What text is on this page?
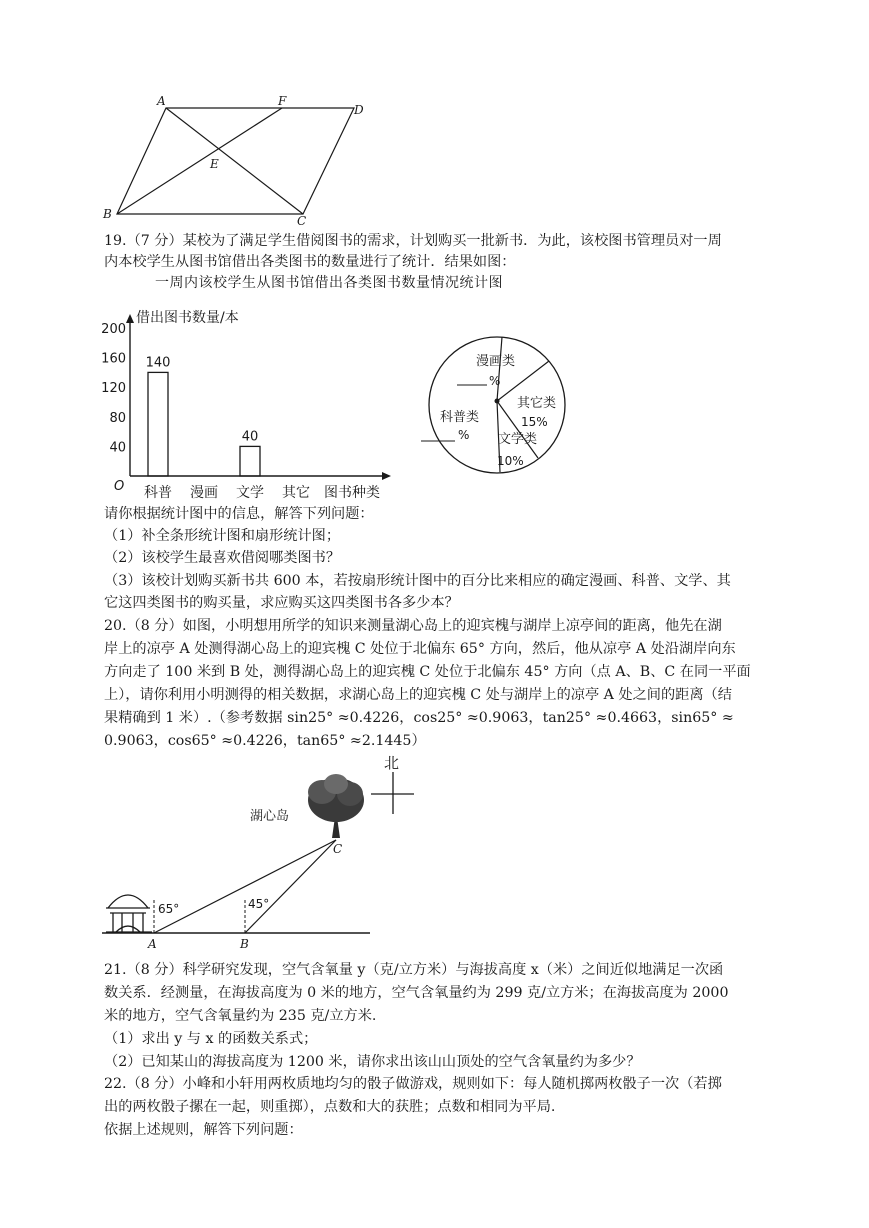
A	F
D
E
B	C
19.（7 分）某校为了满足学生借阅图书的需求，计划购买一批新书．为此，该校图书管理员对一周
内本校学生从图书馆借出各类图书的数量进行了统计．结果如图：
一周内该校学生从图书馆借出各类图书数量情况统计图
借出图书数量/本
O	图书种类
40
80
120
160
200
科普
140
漫画 文学
40
其它
漫画类
%
其它类
15%
文学类
10%
科普类
%
请你根据统计图中的信息，解答下列问题：
（1）补全条形统计图和扇形统计图；
（2）该校学生最喜欢借阅哪类图书？
（3）该校计划购买新书共 600 本，若按扇形统计图中的百分比来相应的确定漫画、科普、文学、其
它这四类图书的购买量，求应购买这四类图书各多少本？
20.（8 分）如图，小明想用所学的知识来测量湖心岛上的迎宾槐与湖岸上凉亭间的距离，他先在湖
岸上的凉亭 A 处测得湖心岛上的迎宾槐 C 处位于北偏东 65° 方向，然后，他从凉亭 A 处沿湖岸向东
方向走了 100 米到 B 处，测得湖心岛上的迎宾槐 C 处位于北偏东 45° 方向（点 A、B、C 在同一平面
上），请你利用小明测得的相关数据，求湖心岛上的迎宾槐 C 处与湖岸上的凉亭 A 处之间的距离（结
果精确到 1 米）.（参考数据 sin25° ≈0.4226，cos25° ≈0.9063，tan25° ≈0.4663，sin65° ≈
0.9063，cos65° ≈0.4226，tan65° ≈2.1445）
北
湖心岛
C
65°	45°
A	B
21.（8 分）科学研究发现，空气含氧量 y（克/立方米）与海拔高度 x（米）之间近似地满足一次函
数关系．经测量，在海拔高度为 0 米的地方，空气含氧量约为 299 克/立方米；在海拔高度为 2000
米的地方，空气含氧量约为 235 克/立方米.
（1）求出 y 与 x 的函数关系式；
（2）已知某山的海拔高度为 1200 米，请你求出该山山顶处的空气含氧量约为多少？
22.（8 分）小峰和小轩用两枚质地均匀的骰子做游戏，规则如下：每人随机掷两枚骰子一次（若掷
出的两枚骰子摞在一起，则重掷），点数和大的获胜；点数和相同为平局.
依据上述规则，解答下列问题：
